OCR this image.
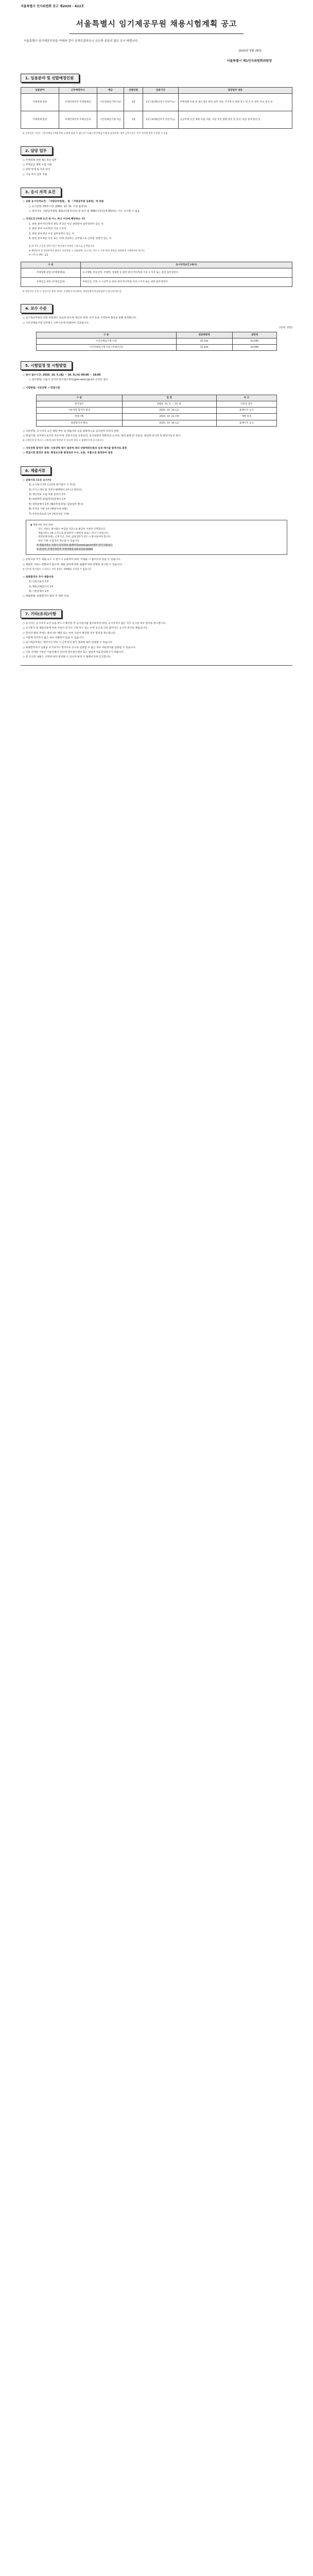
서울특별시 인사위원회 공고 제2020 - 822호
서울특별시 임기제공무원 채용시험계획 공고
서울특별시 임기제공무원을 아래와 같이 공개모집하오니 유능한 분들의 많은 응시 바랍니다.
2020년 9월 28일
서울특별시 제1인사위원회위원장
1. 임용분야 및 선발예정인원
임용분야	근무예정부서	계급	선발인원	임용기간	담당업무 내용
주택정책 관련	주택건축본부 주택정책과	시간선택임기제 다급	1명	2년 (최대5년까지 연장가능)	주택정책 수립 및 제도개선 관련 업무 지원, 주거복지 정책 연구 및 조사, 관련 자료 분석 등
주택정책 관련	주택건축본부 주택공급과	시간선택임기제 다급	1명	2년 (최대5년까지 연장가능)	공공주택 공급 계획 수립 지원, 사업 추진 현황 관리 및 분석, 관련 통계 관리 등
※ 근무일과 시간은 시간선택임기제공무원 규정에 따라 주 35시간 이내(시간선택임기제)로 운영되며, 세부 근무시간은 부서 여건에 따라 조정될 수 있음.
2. 담당 업무

○ 주택정책 관련 제도개선 업무

○ 주택공급 계획 수립 지원

○ 관련 통계 및 자료 분석

○ 기타 부서 업무 지원

3. 응시 자격 요건

○ 공통 응시자격요건: 「지방공무원법」 및 「지방공무원 임용령」에 따름

○ 응시연령: 20세 이상 (2001. 12. 31. 이전 출생자)

○ 결격사유: 지방공무원법 제31조(결격사유) 및 같은 법 제66조(정년)에 해당하는 자는 응시할 수 없음

○ 자격요건 (아래 요건 중 어느 하나 이상에 해당하는 자)

1. 관련 분야 학사학위 취득 후 1년 이상 관련분야 실무경력이 있는 자

2. 관련 분야 석사학위 이상 소지자

3. 관련 분야 3년 이상 실무경력이 있는 자

4. 관련 분야 6급 이상 또는 이에 상당하는 공무원으로 근무한 경력이 있는 자

※ 위 자격 요건의 경력기간은 원서접수 마감일 기준으로 산정합니다.

※ 해당분야 및 관련분야의 판단은 서류전형 시 검토하며, 응시자는 반드시 직무 관련 경력을 상세하게 기재하여야 합니다.

※ 거주지 제한: 없음

구 분	응시자격요건 (예시)
주택정책 관련 (주택정책과)	도시계획, 부동산학, 주택학, 경제학 등 관련 분야 학사학위 이상 소지자 또는 관련 실무경력자
주택공급 관련 (주택공급과)	주택공급, 건축, 도시공학 등 관련 분야 학사학위 이상 소지자 또는 관련 실무경력자
※ 경력기간 산정 시 동일기간 중복 경력은 인정하지 아니하며, 경력증명서에 담당업무가 명시되어야 함.
4. 보수 수준

○ 임기제공무원의 연봉 하한액은 다음과 같으며 개인의 경력, 자격 등을 고려하여 협상을 통해 결정합니다.

○ 시간선택임기제 공무원은 근무시간에 비례하여 지급됩니다.

(단위: 천원)

구 분	연봉하한액	상한액
시간선택임기제 다급	32,244	44,096
시간선택임기제 다급 (주35시간)	32,244	44,096
5. 시험일정 및 시험방법

○ 원서 접수기간: 2020. 10. 5.(월) ~ 10. 8.(목) 09:00 ~ 18:00

○ 접수방법: 서울시 인터넷 원서접수센터(gosi.seoul.go.kr) 온라인 접수

○ 시험방법: 서류전형 → 면접시험

구 분	일 정	비 고
원서접수	2020. 10. 5. ~ 10. 8.	인터넷 접수
서류전형 합격자 발표	2020. 10. 16.(금)	홈페이지 공고
면접시험	2020. 10. 22.(목)	개별 통보
최종합격자 발표	2020. 10. 30.(금)	홈페이지 공고

○ 서류전형: 응시자격 요건 해당 여부 및 제출서류 등을 종합적으로 심사하여 적격자 선발

○ 면접시험: 공무원으로서의 정신자세, 전문지식과 응용능력, 의사표현의 정확성과 논리성, 예의·품행 및 성실성, 창의력·의지력 및 발전가능성 평가

※ 시험일정 및 장소는 사정에 따라 변경될 수 있으며 변경 시 홈페이지에 공고합니다.

○ 서류전형 합격자 결정: 서류전형 평가 결과에 따라 선발예정인원의 일정 배수를 합격자로 결정

○ 면접시험 합격자 결정: 평정요소별 평정결과 우수, 보통, 미흡으로 평정하여 결정

6. 제출서류

○ 공통서류 (모든 응시자)

1) 응시원서 1부 (인터넷 원서접수 시 작성)

2) 자기소개서 및 직무수행계획서 1부 (소정양식)

3) 개인정보 수집·이용 동의서 1부

4) 최종학력 졸업(학위)증명서 1부

5) 경력증명서 1부 (해당자에 한함, 담당업무 명시)

6) 자격증 사본 1부 (해당자에 한함)

7) 주민등록초본 1부 (병역사항 기재)

◆ 제출서류 작성 안내

- 모든 서류는 원서접수 마감일 기준으로 발급된 서류만 인정합니다.

- 제출서류는 A4 규격으로 통일하여 스캔하여 업로드 하시기 바랍니다.

- 경력증명서에는 근무기간, 직위, 담당업무가 반드시 명시되어야 합니다.

- 허위 기재 시 합격이 취소될 수 있습니다.

※ 제출서류는 서울시 인사정보 홈페이지(seoul.go.kr)에서 서식 다운로드

※ 문의처: 주택건축본부 주택정책과 (02-2133-0000)

○ 증빙서류 추가 제출 요구 시 반드시 응하여야 하며, 미제출 시 불이익이 있을 수 있습니다.

○ 제출된 서류는 반환하지 않으며, 채용 절차에 관한 법률에 따라 반환을 청구할 수 있습니다.

※ 인터넷 원서접수 시 업로드 파일 용량은 10MB를 초과할 수 없습니다.

○ 최종합격자 추가 제출서류

1) 신원진술서 1부

2) 채용신체검사서 1부

3) 기본증명서 1부

○ 제출방법: 최종합격자 발표 후 개별 안내

7. 기타(유의)사항

○ 응시자는 응시자격 요건 등을 반드시 확인한 후 응시원서를 접수하여야 하며, 응시자격이 없는 자가 응시한 경우 합격을 취소합니다.

○ 응시원서 및 제출서류에 허위 사실이 있거나 기재 착오 또는 누락 등으로 인한 불이익은 응시자 본인의 책임입니다.

○ 합격자 발표 후에도 결격사유 해당 또는 허위 사실이 발견될 경우 합격을 취소합니다.

○ 시험에 적격자가 없는 경우 선발하지 않을 수 있습니다.

○ 임기제공무원은 계약기간 만료 시 근무실적 평가 결과에 따라 연장할 수 있습니다.

○ 최종합격자가 임용을 포기하거나 결격사유 등으로 임용할 수 없는 경우 차순위자를 임용할 수 있습니다.

○ 기타 자세한 사항은 서울특별시 인터넷 원서접수센터 또는 담당부서로 문의하시기 바랍니다.

○ 본 공고의 내용은 사정에 따라 변경될 수 있으며 변경 시 홈페이지에 공고합니다.
